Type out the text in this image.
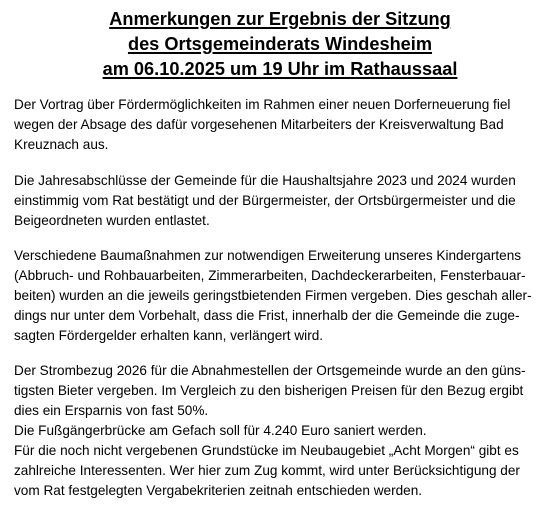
Anmerkungen zur Ergebnis der Sitzung
des Ortsgemeinderats Windesheim
am 06.10.2025 um 19 Uhr im Rathaussaal
Der Vortrag über Fördermöglichkeiten im Rahmen einer neuen Dorferneuerung fiel
wegen der Absage des dafür vorgesehenen Mitarbeiters der Kreisverwaltung Bad
Kreuznach aus.
Die Jahresabschlüsse der Gemeinde für die Haushaltsjahre 2023 und 2024 wurden
einstimmig vom Rat bestätigt und der Bürgermeister, der Ortsbürgermeister und die
Beigeordneten wurden entlastet.
Verschiedene Baumaßnahmen zur notwendigen Erweiterung unseres Kindergartens
(Abbruch- und Rohbauarbeiten, Zimmerarbeiten, Dachdeckerarbeiten, Fensterbauar-
beiten) wurden an die jeweils geringstbietenden Firmen vergeben. Dies geschah aller-
dings nur unter dem Vorbehalt, dass die Frist, innerhalb der die Gemeinde die zuge-
sagten Fördergelder erhalten kann, verlängert wird.
Der Strombezug 2026 für die Abnahmestellen der Ortsgemeinde wurde an den güns-
tigsten Bieter vergeben. Im Vergleich zu den bisherigen Preisen für den Bezug ergibt
dies ein Ersparnis von fast 50%.
Die Fußgängerbrücke am Gefach soll für 4.240 Euro saniert werden.
Für die noch nicht vergebenen Grundstücke im Neubaugebiet „Acht Morgen“ gibt es
zahlreiche Interessenten. Wer hier zum Zug kommt, wird unter Berücksichtigung der
vom Rat festgelegten Vergabekriterien zeitnah entschieden werden.
